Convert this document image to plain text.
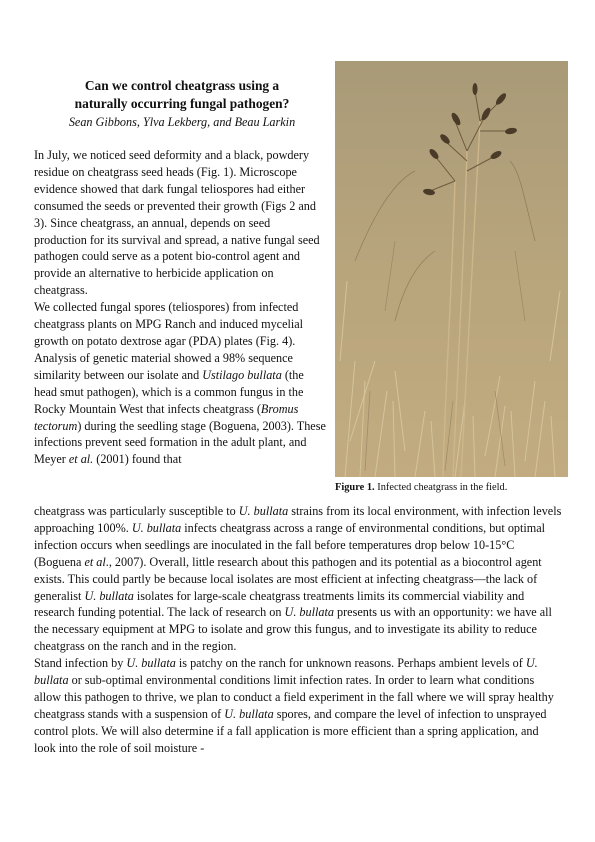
Can we control cheatgrass using a
naturally occurring fungal pathogen?

Sean Gibbons, Ylva Lekberg, and Beau Larkin

In July, we noticed seed deformity and a black, powdery residue on cheatgrass seed heads (Fig. 1). Microscope evidence showed that dark fungal teliospores had either consumed the seeds or prevented their growth (Figs 2 and 3). Since cheatgrass, an annual, depends on seed production for its survival and spread, a native fungal seed pathogen could serve as a potent bio-control agent and provide an alternative to herbicide application on cheatgrass.

We collected fungal spores (teliospores) from infected cheatgrass plants on MPG Ranch and induced mycelial growth on potato dextrose agar (PDA) plates (Fig. 4). Analysis of genetic material showed a 98% sequence similarity between our isolate and Ustilago bullata (the head smut pathogen), which is a common fungus in the Rocky Mountain West that infects cheatgrass (Bromus tectorum) during the seedling stage (Boguena, 2003). These infections prevent seed formation in the adult plant, and Meyer et al. (2001) found that

Figure 1. Infected cheatgrass in the field.

cheatgrass was particularly susceptible to U. bullata strains from its local environment, with infection levels approaching 100%. U. bullata infects cheatgrass across a range of environmental conditions, but optimal infection occurs when seedlings are inoculated in the fall before temperatures drop below 10-15°C (Boguena et al., 2007). Overall, little research about this pathogen and its potential as a biocontrol agent exists. This could partly be because local isolates are most efficient at infecting cheatgrass—the lack of generalist U. bullata isolates for large-scale cheatgrass treatments limits its commercial viability and research funding potential. The lack of research on U. bullata presents us with an opportunity: we have all the necessary equipment at MPG to isolate and grow this fungus, and to investigate its ability to reduce cheatgrass on the ranch and in the region.

Stand infection by U. bullata is patchy on the ranch for unknown reasons. Perhaps ambient levels of U. bullata or sub-optimal environmental conditions limit infection rates. In order to learn what conditions allow this pathogen to thrive, we plan to conduct a field experiment in the fall where we will spray healthy cheatgrass stands with a suspension of U. bullata spores, and compare the level of infection to unsprayed control plots. We will also determine if a fall application is more efficient than a spring application, and look into the role of soil moisture -
